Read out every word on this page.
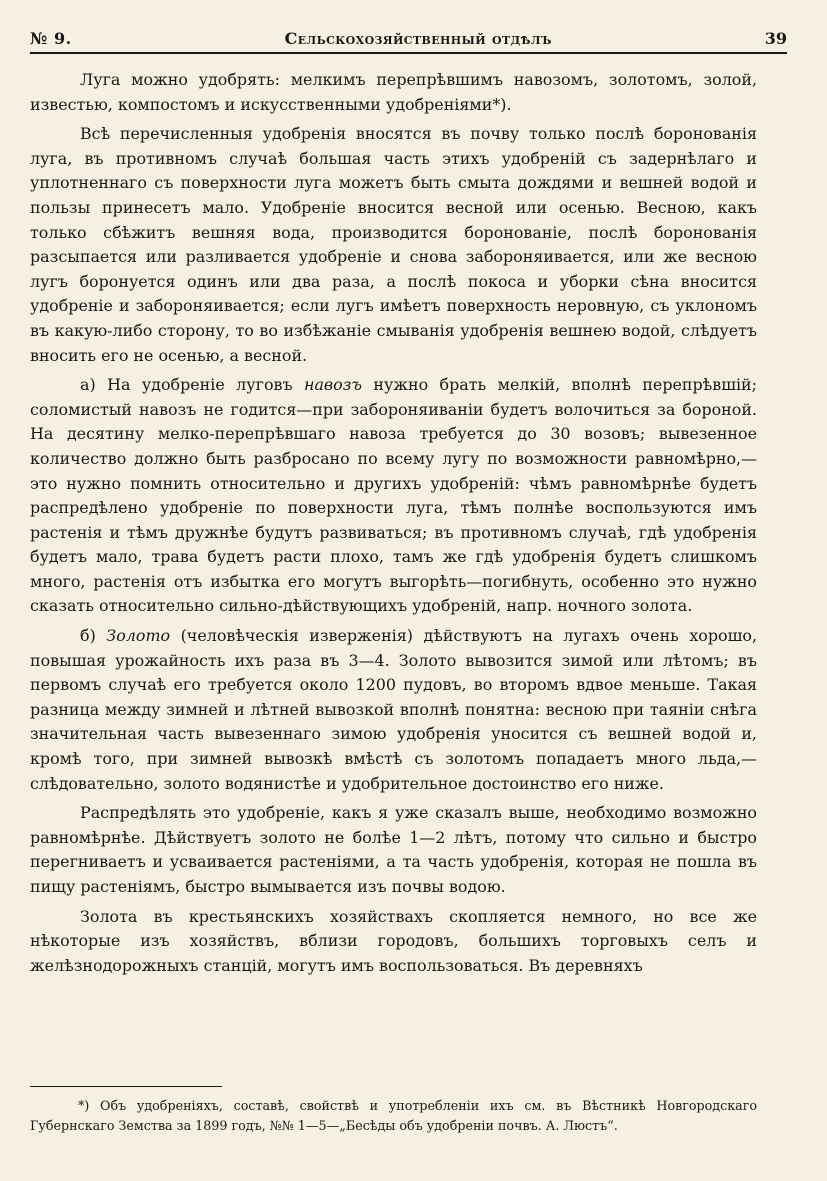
№ 9.	Сельскохозяйственный отдѣлъ	39

Луга можно удобрять: мелкимъ перепрѣвшимъ навозомъ, золотомъ, золой, известью, компостомъ и искусственными удобреніями*).

Всѣ перечисленныя удобренія вносятся въ почву только послѣ боронованія луга, въ противномъ случаѣ большая часть этихъ удобреній съ задернѣлаго и уплотненнаго съ поверхности луга можетъ быть смыта дождями и вешней водой и пользы принесетъ мало. Удобреніе вносится весной или осенью. Весною, какъ только сбѣжитъ вешняя вода, производится боронованіе, послѣ боронованія разсыпается или разливается удобреніе и снова забороняивается, или же весною лугъ боронуется одинъ или два раза, а послѣ покоса и уборки сѣна вносится удобреніе и забороняивается; если лугъ имѣетъ поверхность неровную, съ уклономъ въ какую-либо сторону, то во избѣжаніе смыванія удобренія вешнею водой, слѣдуетъ вносить его не осенью, а весной.

а) На удобреніе луговъ навозъ нужно брать мелкій, вполнѣ перепрѣвшій; соломистый навозъ не годится—при забороняиваніи будетъ волочиться за бороной. На десятину мелко-перепрѣвшаго навоза требуется до 30 возовъ; вывезенное количество должно быть разбросано по всему лугу по возможности равномѣрно,—это нужно помнить относительно и другихъ удобреній: чѣмъ равномѣрнѣе будетъ распредѣлено удобреніе по поверхности луга, тѣмъ полнѣе воспользуются имъ растенія и тѣмъ дружнѣе будутъ развиваться; въ противномъ случаѣ, гдѣ удобренія будетъ мало, трава будетъ расти плохо, тамъ же гдѣ удобренія будетъ слишкомъ много, растенія отъ избытка его могутъ выгорѣть—погибнуть, особенно это нужно сказать относительно сильно-дѣйствующихъ удобреній, напр. ночного золота.

б) Золото (человѣческія изверженія) дѣйствуютъ на лугахъ очень хорошо, повышая урожайность ихъ раза въ 3—4. Золото вывозится зимой или лѣтомъ; въ первомъ случаѣ его требуется около 1200 пудовъ, во второмъ вдвое меньше. Такая разница между зимней и лѣтней вывозкой вполнѣ понятна: весною при таяніи снѣга значительная часть вывезеннаго зимою удобренія уносится съ вешней водой и, кромѣ того, при зимней вывозкѣ вмѣстѣ съ золотомъ попадаетъ много льда,—слѣдовательно, золото водянистѣе и удобрительное достоинство его ниже.

Распредѣлять это удобреніе, какъ я уже сказалъ выше, необходимо возможно равномѣрнѣе. Дѣйствуетъ золото не болѣе 1—2 лѣтъ, потому что сильно и быстро перегниваетъ и усваивается растеніями, а та часть удобренія, которая не пошла въ пищу растеніямъ, быстро вымывается изъ почвы водою.

Золота въ крестьянскихъ хозяйствахъ скопляется немного, но все же нѣкоторые изъ хозяйствъ, вблизи городовъ, большихъ торговыхъ селъ и желѣзнодорожныхъ станцій, могутъ имъ воспользоваться. Въ деревняхъ

*) Объ удобреніяхъ, составѣ, свойствѣ и употребленіи ихъ см. въ Вѣстникѣ Новгородскаго Губернскаго Земства за 1899 годъ, №№ 1—5—„Бесѣды объ удобреніи почвъ. А. Люстъ“.
